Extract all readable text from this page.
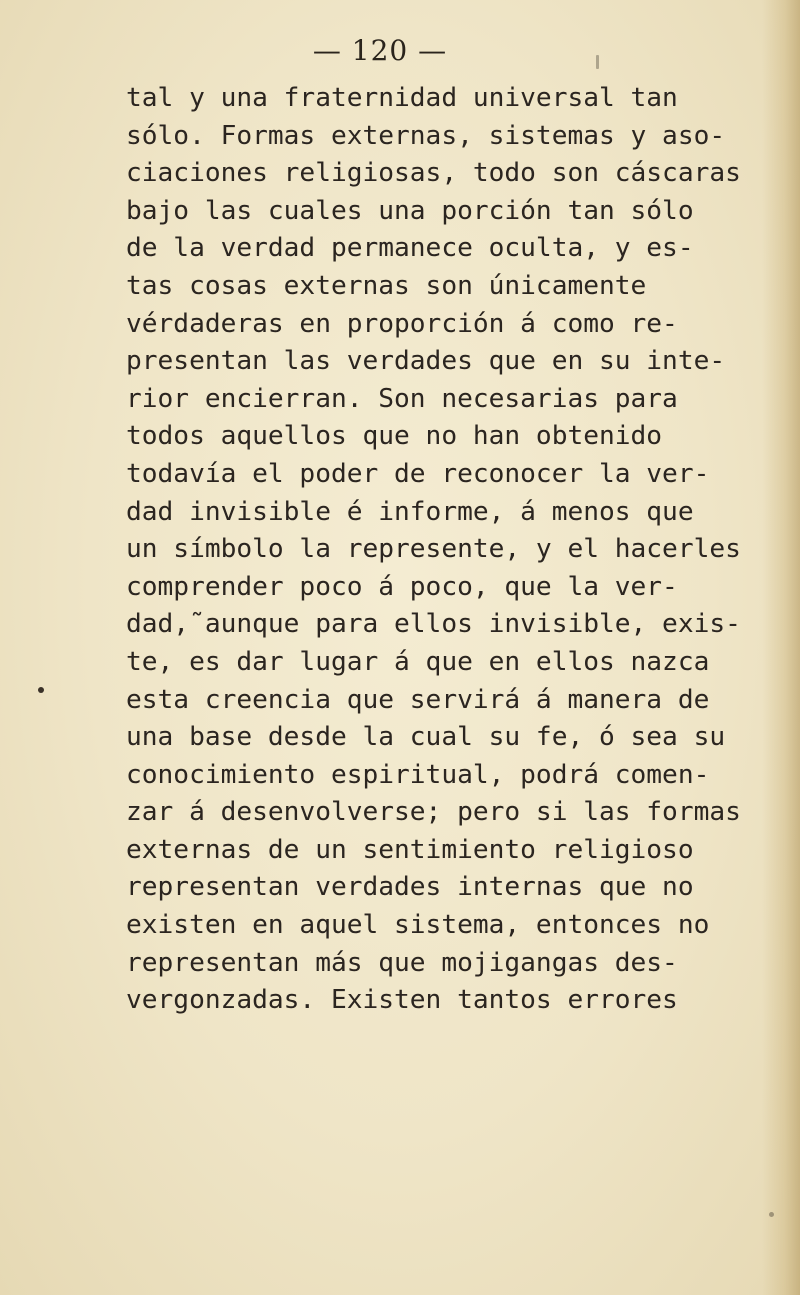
— 120 —
tal y una fraternidad universal tan
sólo. Formas externas, sistemas y aso-
ciaciones religiosas, todo son cáscaras
bajo las cuales una porción tan sólo
de la verdad permanece oculta, y es-
tas cosas externas son únicamente
vérdaderas en proporción á como re-
presentan las verdades que en su inte-
rior encierran. Son necesarias para
todos aquellos que no han obtenido
todavía el poder de reconocer la ver-
dad invisible é informe, á menos que
un símbolo la represente, y el hacerles
comprender poco á poco, que la ver-
dad,˜aunque para ellos invisible, exis-
te, es dar lugar á que en ellos nazca
esta creencia que servirá á manera de
una base desde la cual su fe, ó sea su
conocimiento espiritual, podrá comen-
zar á desenvolverse; pero si las formas
externas de un sentimiento religioso
representan verdades internas que no
existen en aquel sistema, entonces no
representan más que mojigangas des-
vergonzadas. Existen tantos errores
